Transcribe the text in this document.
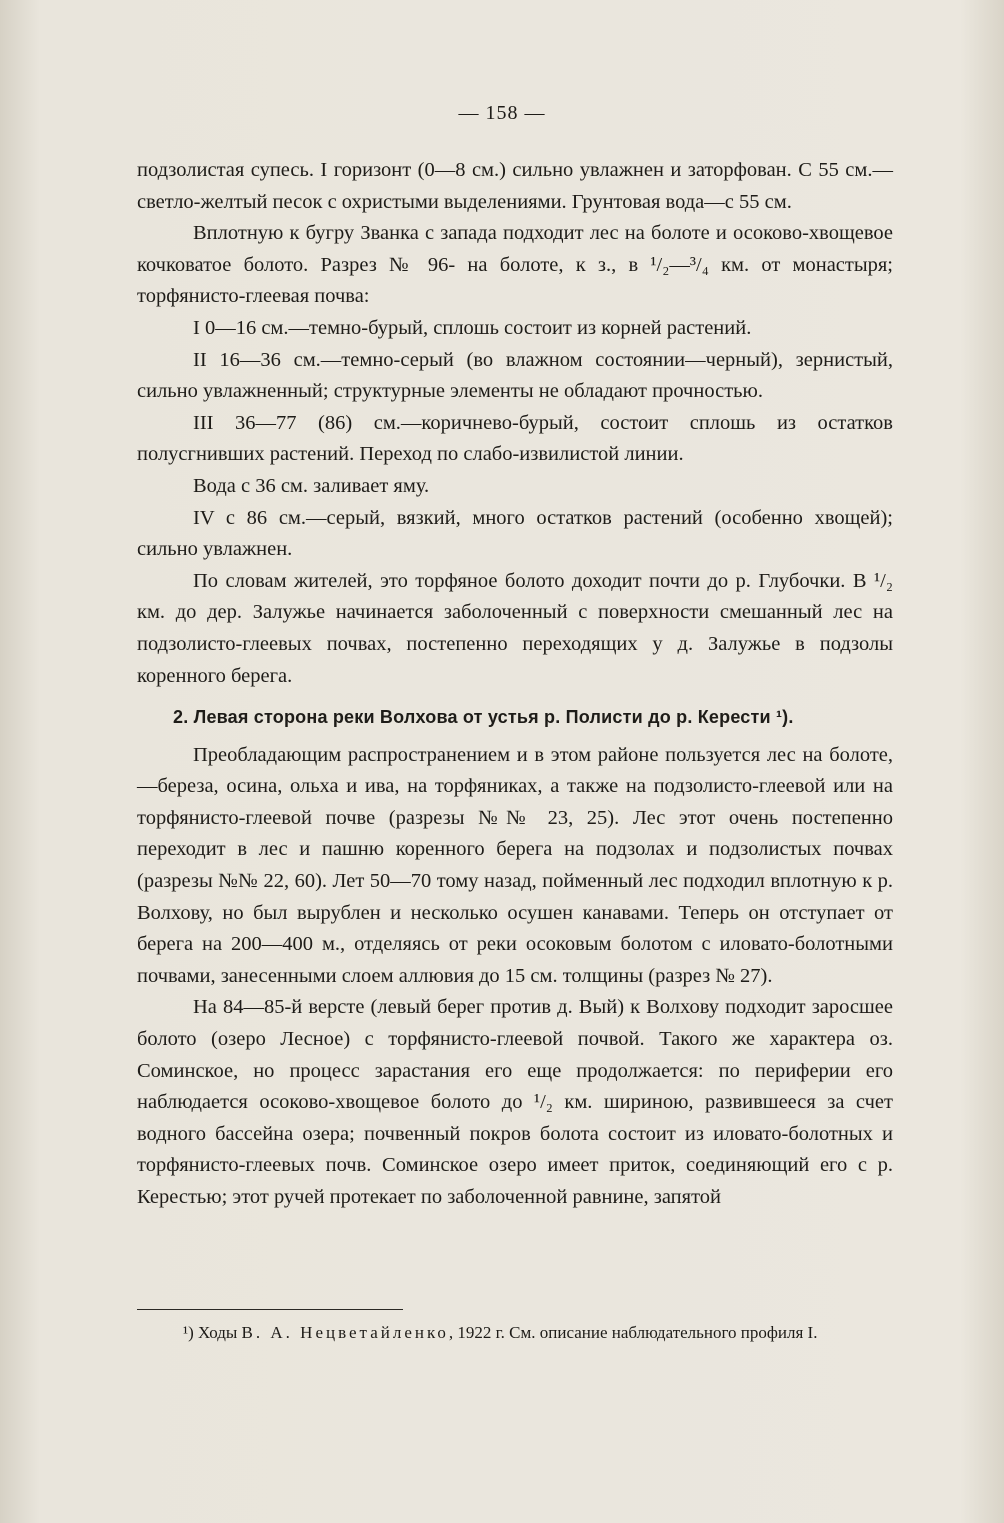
— 158 —

подзолистая супесь. I горизонт (0—8 см.) сильно увлажнен и заторфован. С 55 см.—светло-желтый песок с охристыми выделениями. Грунтовая вода—с 55 см.

Вплотную к бугру Званка с запада подходит лес на болоте и осоково-хвощевое кочковатое болото. Разрез № 96- на болоте, к з., в ¹/₂—³/₄ км. от монастыря; торфянисто-глеевая почва:

I 0—16 см.—темно-бурый, сплошь состоит из корней растений.

II 16—36 см.—темно-серый (во влажном состоянии—черный), зернистый, сильно увлажненный; структурные элементы не обладают прочностью.

III 36—77 (86) см.—коричнево-бурый, состоит сплошь из остатков полусгнивших растений. Переход по слабо-извилистой линии.

Вода с 36 см. заливает яму.

IV с 86 см.—серый, вязкий, много остатков растений (особенно хвощей); сильно увлажнен.

По словам жителей, это торфяное болото доходит почти до р. Глубочки. В ¹/₂ км. до дер. Залужье начинается заболоченный с поверхности смешанный лес на подзолисто-глеевых почвах, постепенно переходящих у д. Залужье в подзолы коренного берега.

2. Левая сторона реки Волхова от устья р. Полисти до р. Керести ¹).

Преобладающим распространением и в этом районе пользуется лес на болоте,—береза, осина, ольха и ива, на торфяниках, а также на подзолисто-глеевой или на торфянисто-глеевой почве (разрезы №№ 23, 25). Лес этот очень постепенно переходит в лес и пашню коренного берега на подзолах и подзолистых почвах (разрезы №№ 22, 60). Лет 50—70 тому назад, пойменный лес подходил вплотную к р. Волхову, но был вырублен и несколько осушен канавами. Теперь он отступает от берега на 200—400 м., отделяясь от реки осоковым болотом с иловато-болотными почвами, занесенными слоем аллювия до 15 см. толщины (разрез № 27).

На 84—85-й версте (левый берег против д. Вый) к Волхову подходит заросшее болото (озеро Лесное) с торфянисто-глеевой почвой. Такого же характера оз. Соминское, но процесс зарастания его еще продолжается: по периферии его наблюдается осоково-хвощевое болото до ¹/₂ км. шириною, развившееся за счет водного бассейна озера; почвенный покров болота состоит из иловато-болотных и торфянисто-глеевых почв. Соминское озеро имеет приток, соединяющий его с р. Керестью; этот ручей протекает по заболоченной равнине, запятой

¹) Ходы В. А. Нецветайленко, 1922 г. См. описание наблюдательного профиля I.
